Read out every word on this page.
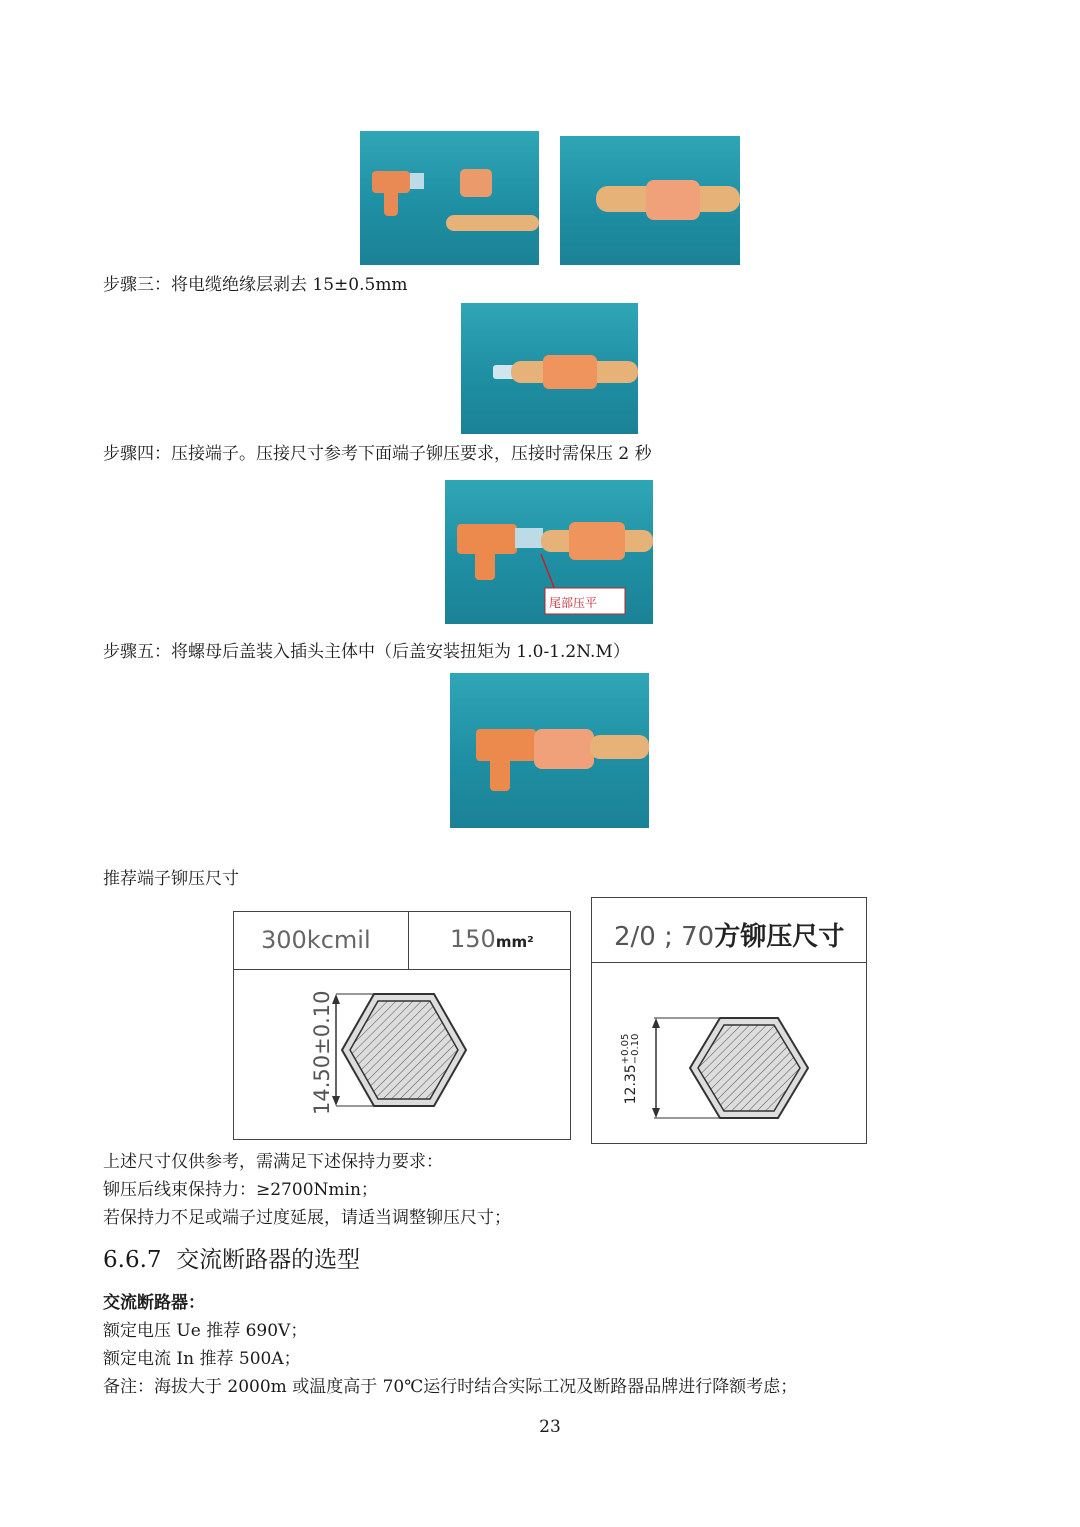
步骤三：将电缆绝缘层剥去 15±0.5mm
步骤四：压接端子。压接尺寸参考下面端子铆压要求，压接时需保压 2 秒
尾部压平
步骤五：将螺母后盖装入插头主体中（后盖安装扭矩为 1.0-1.2N.M）
推荐端子铆压尺寸
300kcmil	150mm²
14.50±0.10
2/0 ; 70方铆压尺寸
12.35
+0.05 −0.10
上述尺寸仅供参考，需满足下述保持力要求：
铆压后线束保持力：≥2700Nmin；
若保持力不足或端子过度延展，请适当调整铆压尺寸；
6.6.7  交流断路器的选型
交流断路器：
额定电压 Ue 推荐 690V；
额定电流 In 推荐 500A；
备注：海拔大于 2000m 或温度高于 70℃运行时结合实际工况及断路器品牌进行降额考虑；
23
